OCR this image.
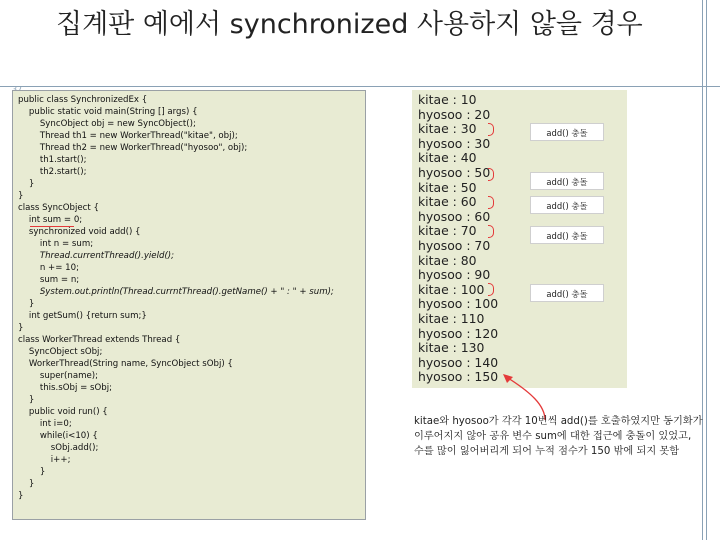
집계판 예에서 synchronized 사용하지 않을 경우
public class SynchronizedEx {
public static void main(String [] args) {
SyncObject obj = new SyncObject();
Thread th1 = new WorkerThread("kitae", obj);
Thread th2 = new WorkerThread("hyosoo", obj);
th1.start();
th2.start();
}
}
class SyncObject {
int sum = 0;
synchronized void add() {
int n = sum;
Thread.currentThread().yield();
n += 10;
sum = n;
System.out.println(Thread.currntThread().getName() + " : " + sum);
}
int getSum() {return sum;}
}
class WorkerThread extends Thread {
SyncObject sObj;
WorkerThread(String name, SyncObject sObj) {
super(name);
this.sObj = sObj;
}
public void run() {
int i=0;
while(i<10) {
sObj.add();
i++;
}
}
}
kitae : 10
hyosoo : 20
kitae : 30
hyosoo : 30
kitae : 40
hyosoo : 50
kitae : 50
kitae : 60
hyosoo : 60
kitae : 70
hyosoo : 70
kitae : 80
hyosoo : 90
kitae : 100
hyosoo : 100
kitae : 110
hyosoo : 120
kitae : 130
hyosoo : 140
hyosoo : 150
add() 충돌
add() 충돌
add() 충돌
add() 충돌
add() 충돌
kitae와 hyosoo가 각각 10번씩 add()를 호출하였지만 동기화가 이루어지지 않아 공유 변수 sum에 대한 접근에 충돌이 있었고, 수를 많이 잃어버리게 되어 누적 점수가 150 밖에 되지 못함
